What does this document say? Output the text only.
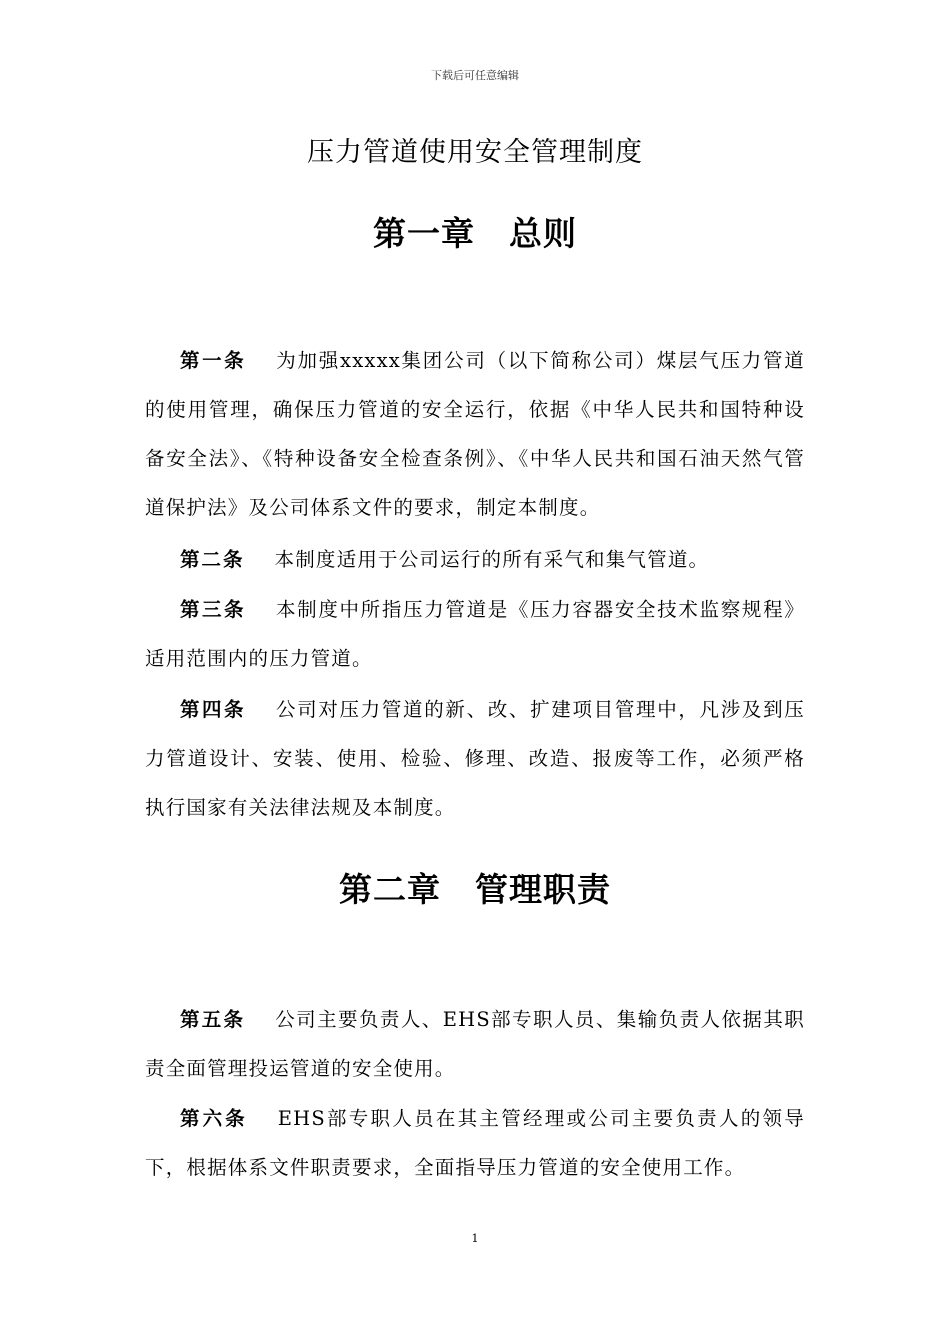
下载后可任意编辑
压力管道使用安全管理制度
第一章　总则
第一条 为加强xxxxx集团公司（以下简称公司）煤层气压力管道的使用管理，确保压力管道的安全运行，依据《中华人民共和国特种设备安全法》、《特种设备安全检查条例》、《中华人民共和国石油天然气管道保护法》及公司体系文件的要求，制定本制度。
第二条 本制度适用于公司运行的所有采气和集气管道。
第三条 本制度中所指压力管道是《压力容器安全技术监察规程》适用范围内的压力管道。
第四条 公司对压力管道的新、改、扩建项目管理中，凡涉及到压力管道设计、安装、使用、检验、修理、改造、报废等工作，必须严格执行国家有关法律法规及本制度。
第二章　管理职责
第五条 公司主要负责人、EHS部专职人员、集输负责人依据其职责全面管理投运管道的安全使用。
第六条 EHS部专职人员在其主管经理或公司主要负责人的领导下，根据体系文件职责要求，全面指导压力管道的安全使用工作。
1
